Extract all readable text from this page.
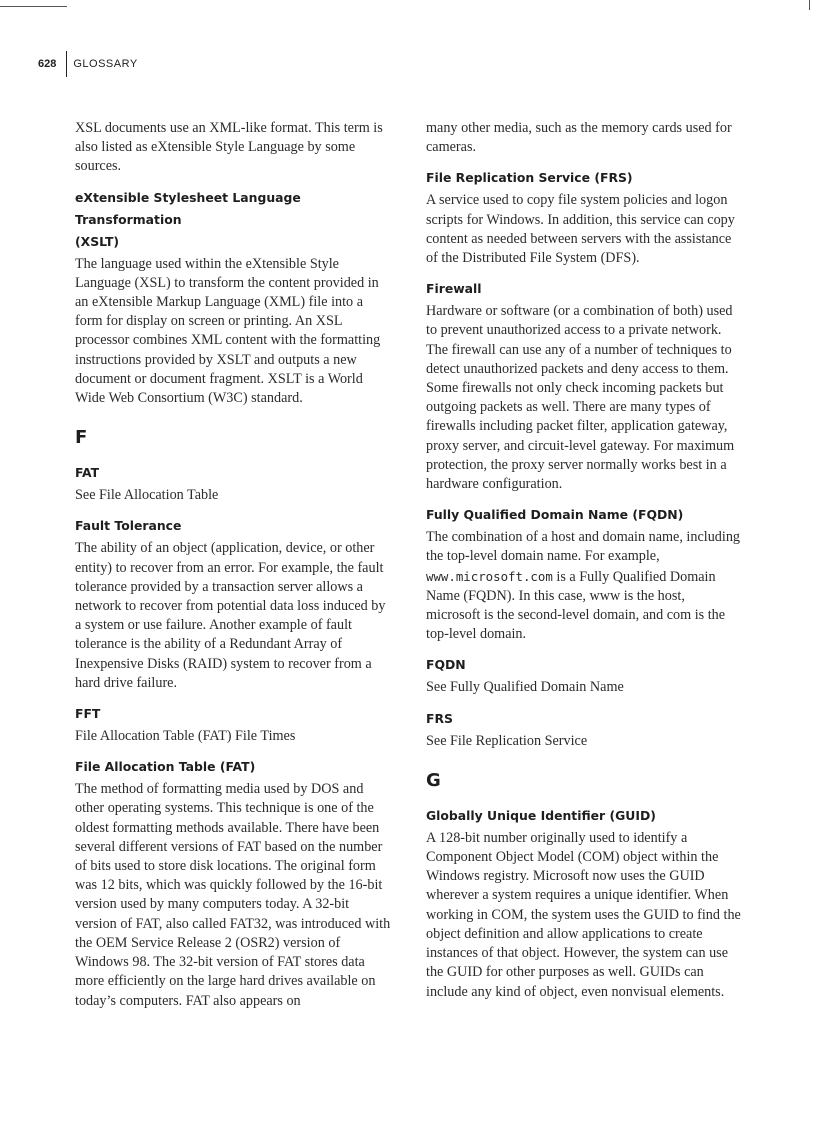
628 GLOSSARY

XSL documents use an XML-like format. This term is also listed as eXtensible Style Language by some sources.

eXtensible Stylesheet Language Transformation
(XSLT)

The language used within the eXtensible Style Language (XSL) to transform the content provided in an eXtensible Markup Language (XML) file into a form for display on screen or printing. An XSL processor combines XML content with the formatting instructions provided by XSLT and outputs a new document or document fragment. XSLT is a World Wide Web Consortium (W3C) standard.

F
FAT

See File Allocation Table

Fault Tolerance

The ability of an object (application, device, or other entity) to recover from an error. For example, the fault tolerance provided by a transaction server allows a network to recover from potential data loss induced by a system or use failure. Another example of fault tolerance is the ability of a Redundant Array of Inexpensive Disks (RAID) system to recover from a hard drive failure.

FFT

File Allocation Table (FAT) File Times

File Allocation Table (FAT)

The method of formatting media used by DOS and other operating systems. This technique is one of the oldest formatting methods available. There have been several different versions of FAT based on the number of bits used to store disk locations. The original form was 12 bits, which was quickly followed by the 16-bit version used by many computers today. A 32-bit version of FAT, also called FAT32, was introduced with the OEM Service Release 2 (OSR2) version of Windows 98. The 32-bit version of FAT stores data more efficiently on the large hard drives available on today’s computers. FAT also appears on

many other media, such as the memory cards used for cameras.

File Replication Service (FRS)

A service used to copy file system policies and logon scripts for Windows. In addition, this service can copy content as needed between servers with the assistance of the Distributed File System (DFS).

Firewall

Hardware or software (or a combination of both) used to prevent unauthorized access to a private network. The firewall can use any of a number of techniques to detect unauthorized packets and deny access to them. Some firewalls not only check incoming packets but outgoing packets as well. There are many types of firewalls including packet filter, application gateway, proxy server, and circuit-level gateway. For maximum protection, the proxy server normally works best in a hardware configuration.

Fully Qualified Domain Name (FQDN)

The combination of a host and domain name, including the top-level domain name. For example, www.microsoft.com is a Fully Qualified Domain Name (FQDN). In this case, www is the host, microsoft is the second-level domain, and com is the top-level domain.

FQDN

See Fully Qualified Domain Name

FRS

See File Replication Service

G
Globally Unique Identifier (GUID)

A 128-bit number originally used to identify a Component Object Model (COM) object within the Windows registry. Microsoft now uses the GUID wherever a system requires a unique identifier. When working in COM, the system uses the GUID to find the object definition and allow applications to create instances of that object. However, the system can use the GUID for other purposes as well. GUIDs can include any kind of object, even nonvisual elements.
